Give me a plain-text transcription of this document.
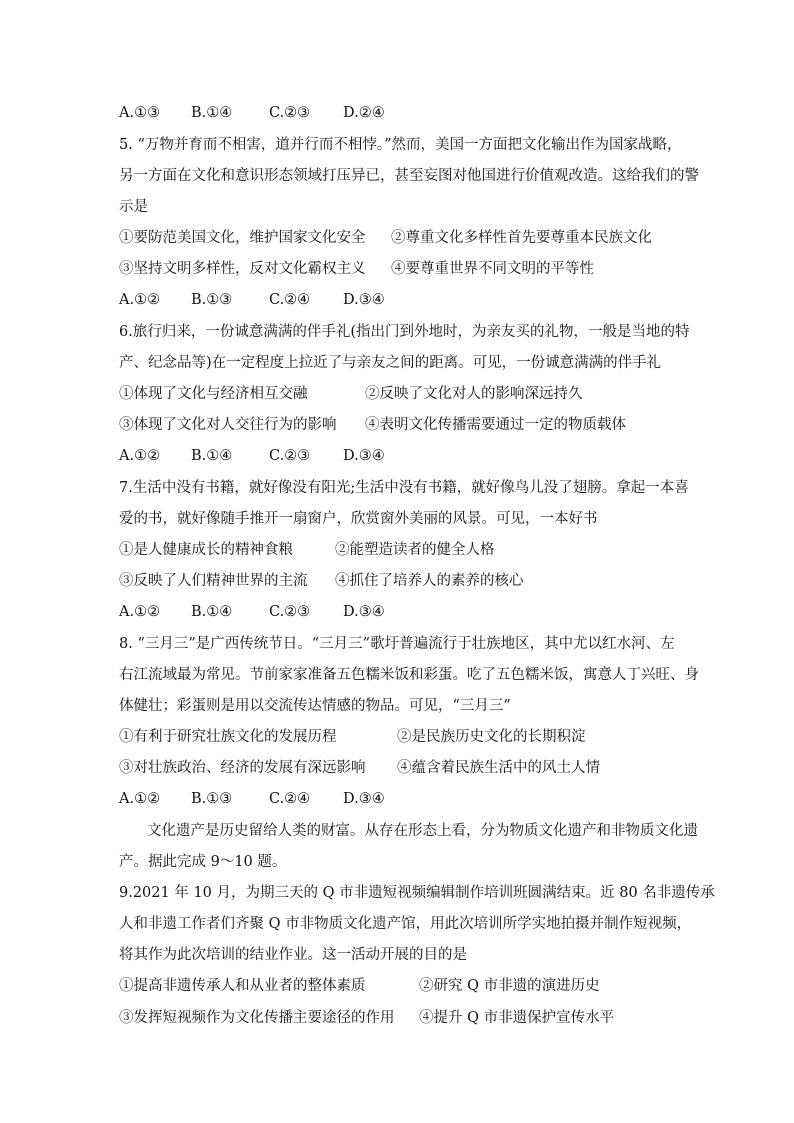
A.①③ B.①④	C.②③ D.②④
5. “万物并育而不相害，道并行而不相悖。”然而，美国一方面把文化输出作为国家战略，
另一方面在文化和意识形态领域打压异已，甚至妄图对他国进行价值观改造。这给我们的警
示是
①要防范美国文化，维护国家文化安全 ②尊重文化多样性首先要尊重本民族文化
③坚持文明多样性，反对文化霸权主义 ④要尊重世界不同文明的平等性
A.①② B.①③	C.②④ D.③④
6.旅行归来，一份诚意满满的伴手礼(指出门到外地时，为亲友买的礼物，一般是当地的特
产、纪念品等)在一定程度上拉近了与亲友之间的距离。可见，一份诚意满满的伴手礼
①体现了文化与经济相互交融	②反映了文化对人的影响深远持久
③体现了文化对人交往行为的影响 ④表明文化传播需要通过一定的物质载体
A.①② B.①④	C.②③ D.③④
7.生活中没有书籍，就好像没有阳光;生活中没有书籍，就好像鸟儿没了翅膀。拿起一本喜
爱的书，就好像随手推开一扇窗户，欣赏窗外美丽的风景。可见，一本好书
①是人健康成长的精神食粮	②能塑造读者的健全人格
③反映了人们精神世界的主流 ④抓住了培养人的素养的核心
A.①② B.①④	C.②③ D.③④
8. “三月三”是广西传统节日。“三月三”歌圩普遍流行于壮族地区，其中尤以红水河、左
右江流域最为常见。节前家家准备五色糯米饭和彩蛋。吃了五色糯米饭，寓意人丁兴旺、身
体健壮；彩蛋则是用以交流传达情感的物品。可见，“三月三”
①有利于研究壮族文化的发展历程	②是民族历史文化的长期积淀
③对壮族政治、经济的发展有深远影响 ④蕴含着民族生活中的风土人情
A.①② B.①③	C.②④ D.③④
文化遗产是历史留给人类的财富。从存在形态上看，分为物质文化遗产和非物质文化遗
产。据此完成 9～10 题。
9.2021 年 10 月，为期三天的 Q 市非遗短视频编辑制作培训班圆满结束。近 80 名非遗传承
人和非遗工作者们齐聚 Q 市非物质文化遗产馆，用此次培训所学实地拍摄并制作短视频，
将其作为此次培训的结业作业。这一活动开展的目的是
①提高非遗传承人和从业者的整体素质	②研究 Q 市非遗的演进历史
③发挥短视频作为文化传播主要途径的作用 ④提升 Q 市非遗保护宣传水平
